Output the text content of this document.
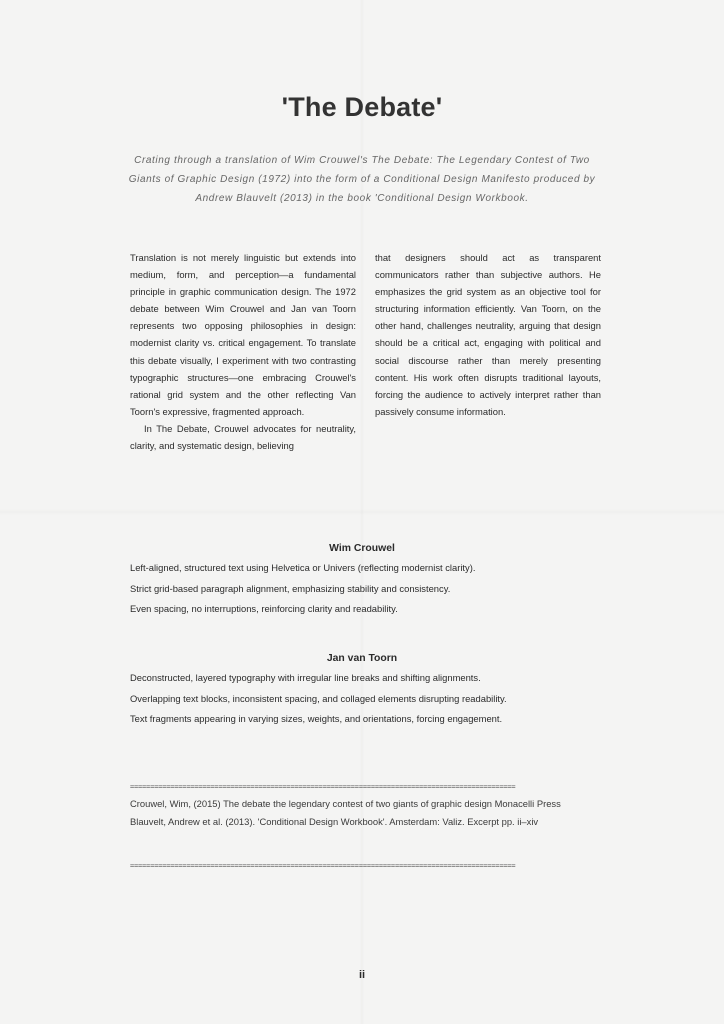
'The Debate'

Crating through a translation of Wim Crouwel's The Debate: The Legendary Contest of Two Giants of Graphic Design (1972) into the form of a Conditional Design Manifesto produced by Andrew Blauvelt (2013) in the book 'Conditional Design Workbook.

Translation is not merely linguistic but extends into medium, form, and perception—a fundamental principle in graphic communication design. The 1972 debate between Wim Crouwel and Jan van Toorn represents two opposing philosophies in design: modernist clarity vs. critical engagement. To translate this debate visually, I experiment with two contrasting typographic structures—one embracing Crouwel's rational grid system and the other reflecting Van Toorn's expressive, fragmented approach.

In The Debate, Crouwel advocates for neutrality, clarity, and systematic design, believing

that designers should act as transparent communicators rather than subjective authors. He emphasizes the grid system as an objective tool for structuring information efficiently. Van Toorn, on the other hand, challenges neutrality, arguing that design should be a critical act, engaging with political and social discourse rather than merely presenting content. His work often disrupts traditional layouts, forcing the audience to actively interpret rather than passively consume information.

Wim Crouwel
Left-aligned, structured text using Helvetica or Univers (reflecting modernist clarity).
Strict grid-based paragraph alignment, emphasizing stability and consistency.
Even spacing, no interruptions, reinforcing clarity and readability.
Jan van Toorn
Deconstructed, layered typography with irregular line breaks and shifting alignments.
Overlapping text blocks, inconsistent spacing, and collaged elements disrupting readability.
Text fragments appearing in varying sizes, weights, and orientations, forcing engagement.
================================================================================================

Crouwel, Wim, (2015) The debate the legendary contest of two giants of graphic design Monacelli Press

Blauvelt, Andrew et al. (2013). 'Conditional Design Workbook'. Amsterdam: Valiz. Excerpt pp. ii–xiv

================================================================================================
ii
